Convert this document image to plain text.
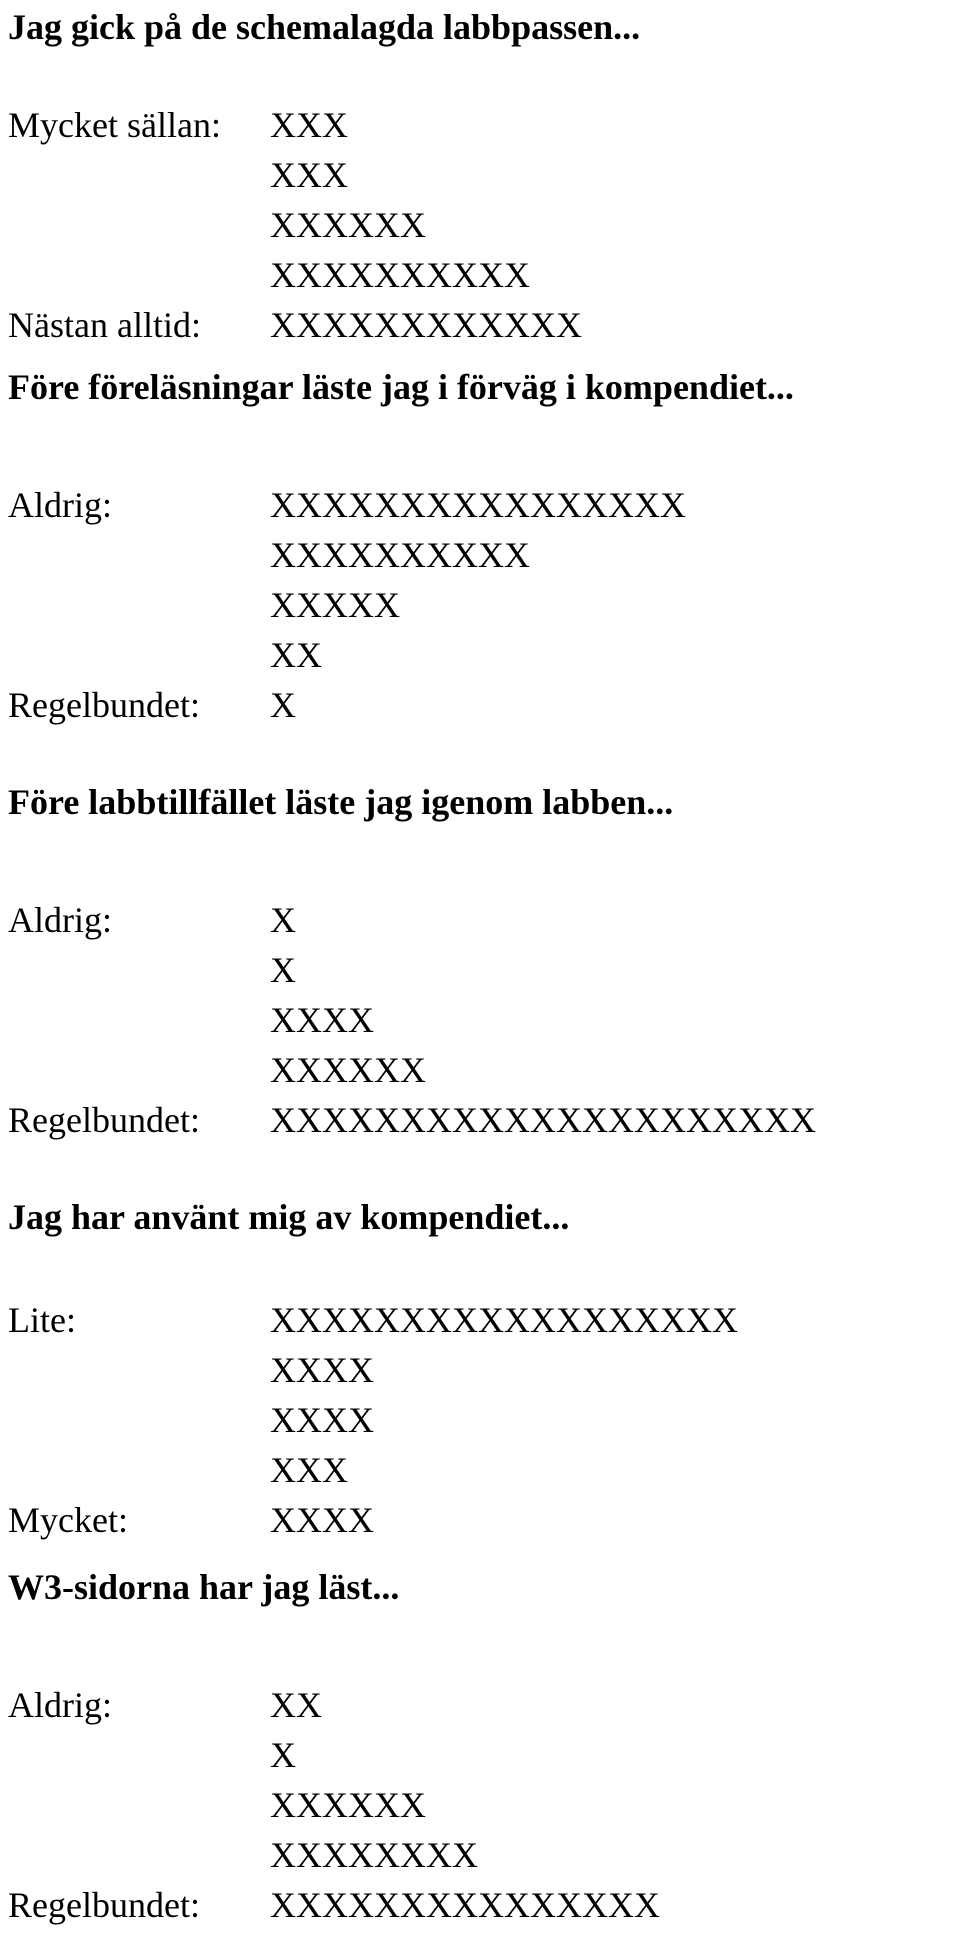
Jag gick på de schemalagda labbpassen...
Mycket sällan: XXX
XXX
XXXXXX
XXXXXXXXXX
Nästan alltid: XXXXXXXXXXXX
Före föreläsningar läste jag i förväg i kompendiet...
Aldrig:	XXXXXXXXXXXXXXXX
XXXXXXXXXX
XXXXX
XX
Regelbundet: X
Före labbtillfället läste jag igenom labben...
Aldrig:	X
X
XXXX
XXXXXX
Regelbundet: XXXXXXXXXXXXXXXXXXXXX
Jag har använt mig av kompendiet...
Lite:	XXXXXXXXXXXXXXXXXX
XXXX
XXXX
XXX
Mycket:	XXXX
W3-sidorna har jag läst...
Aldrig:	XX
X
XXXXXX
XXXXXXXX
Regelbundet: XXXXXXXXXXXXXXX
